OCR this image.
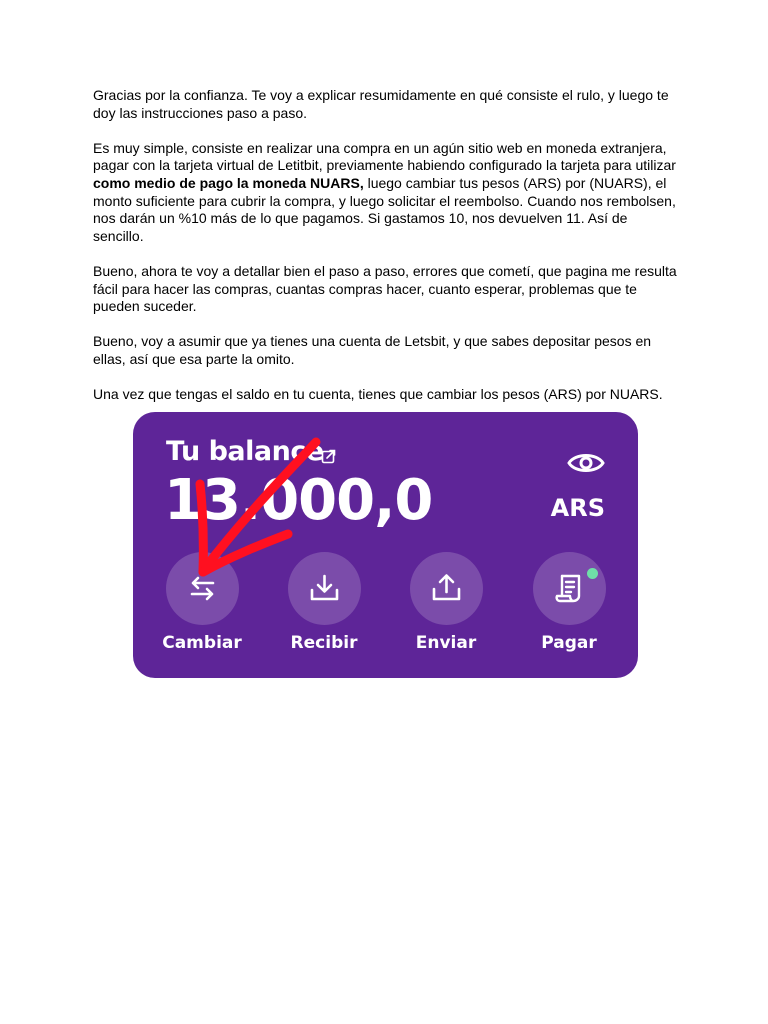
Gracias por la confianza. Te voy a explicar resumidamente en qué consiste el rulo, y luego te doy las instrucciones paso a paso.

Es muy simple, consiste en realizar una compra en un agún sitio web en moneda extranjera, pagar con la tarjeta virtual de Letitbit, previamente habiendo configurado la tarjeta para utilizar como medio de pago la moneda NUARS, luego cambiar tus pesos (ARS) por (NUARS), el monto suficiente para cubrir la compra, y luego solicitar el reembolso. Cuando nos rembolsen, nos darán un %10 más de lo que pagamos. Si gastamos 10, nos devuelven 11. Así de sencillo.

Bueno, ahora te voy a detallar bien el paso a paso, errores que cometí, que pagina me resulta fácil para hacer las compras, cuantas compras hacer, cuanto esperar, problemas que te pueden suceder.

Bueno, voy a asumir que ya tienes una cuenta de Letsbit, y que sabes depositar pesos en ellas, así que esa parte la omito.

Una vez que tengas el saldo en tu cuenta, tienes que cambiar los pesos (ARS) por NUARS.

Tu balance
13.000,0	ARS
Cambiar	Recibir	Enviar	Pagar
